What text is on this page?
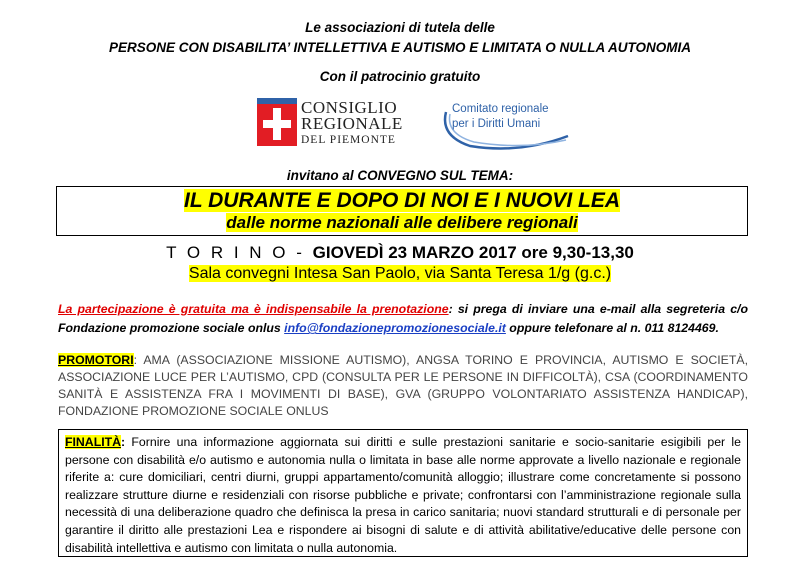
Le associazioni di tutela delle
PERSONE CON DISABILITA’ INTELLETTIVA E AUTISMO E LIMITATA O NULLA AUTONOMIA
Con il patrocinio gratuito
CONSIGLIO
REGIONALE
DEL PIEMONTE
Comitato regionale
per i Diritti Umani
invitano al CONVEGNO SUL TEMA:
IL DURANTE E DOPO DI NOI E I NUOVI LEA
dalle norme nazionali alle delibere regionali
T O R I N O - GIOVEDÌ 23 MARZO 2017 ore 9,30-13,30
Sala convegni Intesa San Paolo, via Santa Teresa 1/g (g.c.)
La partecipazione è gratuita ma è indispensabile la prenotazione: si prega di inviare una e-mail alla segreteria c/o Fondazione promozione sociale onlus info@fondazionepromozionesociale.it oppure telefonare al n. 011 8124469.
PROMOTORI: AMA (ASSOCIAZIONE MISSIONE AUTISMO), ANGSA TORINO E PROVINCIA, AUTISMO E SOCIETÀ, ASSOCIAZIONE LUCE PER L’AUTISMO, CPD (CONSULTA PER LE PERSONE IN DIFFICOLTÀ), CSA (COORDINAMENTO SANITÀ E ASSISTENZA FRA I MOVIMENTI DI BASE), GVA (GRUPPO VOLONTARIATO ASSISTENZA HANDICAP), FONDAZIONE PROMOZIONE SOCIALE ONLUS
FINALITÀ: Fornire una informazione aggiornata sui diritti e sulle prestazioni sanitarie e socio-sanitarie esigibili per le persone con disabilità e/o autismo e autonomia nulla o limitata in base alle norme approvate a livello nazionale e regionale riferite a: cure domiciliari, centri diurni, gruppi appartamento/comunità alloggio; illustrare come concretamente si possono realizzare strutture diurne e residenziali con risorse pubbliche e private; confrontarsi con l’amministrazione regionale sulla necessità di una deliberazione quadro che definisca la presa in carico sanitaria; nuovi standard strutturali e di personale per garantire il diritto alle prestazioni Lea e rispondere ai bisogni di salute e di attività abilitative/educative delle persone con disabilità intellettiva e autismo con limitata o nulla autonomia.
